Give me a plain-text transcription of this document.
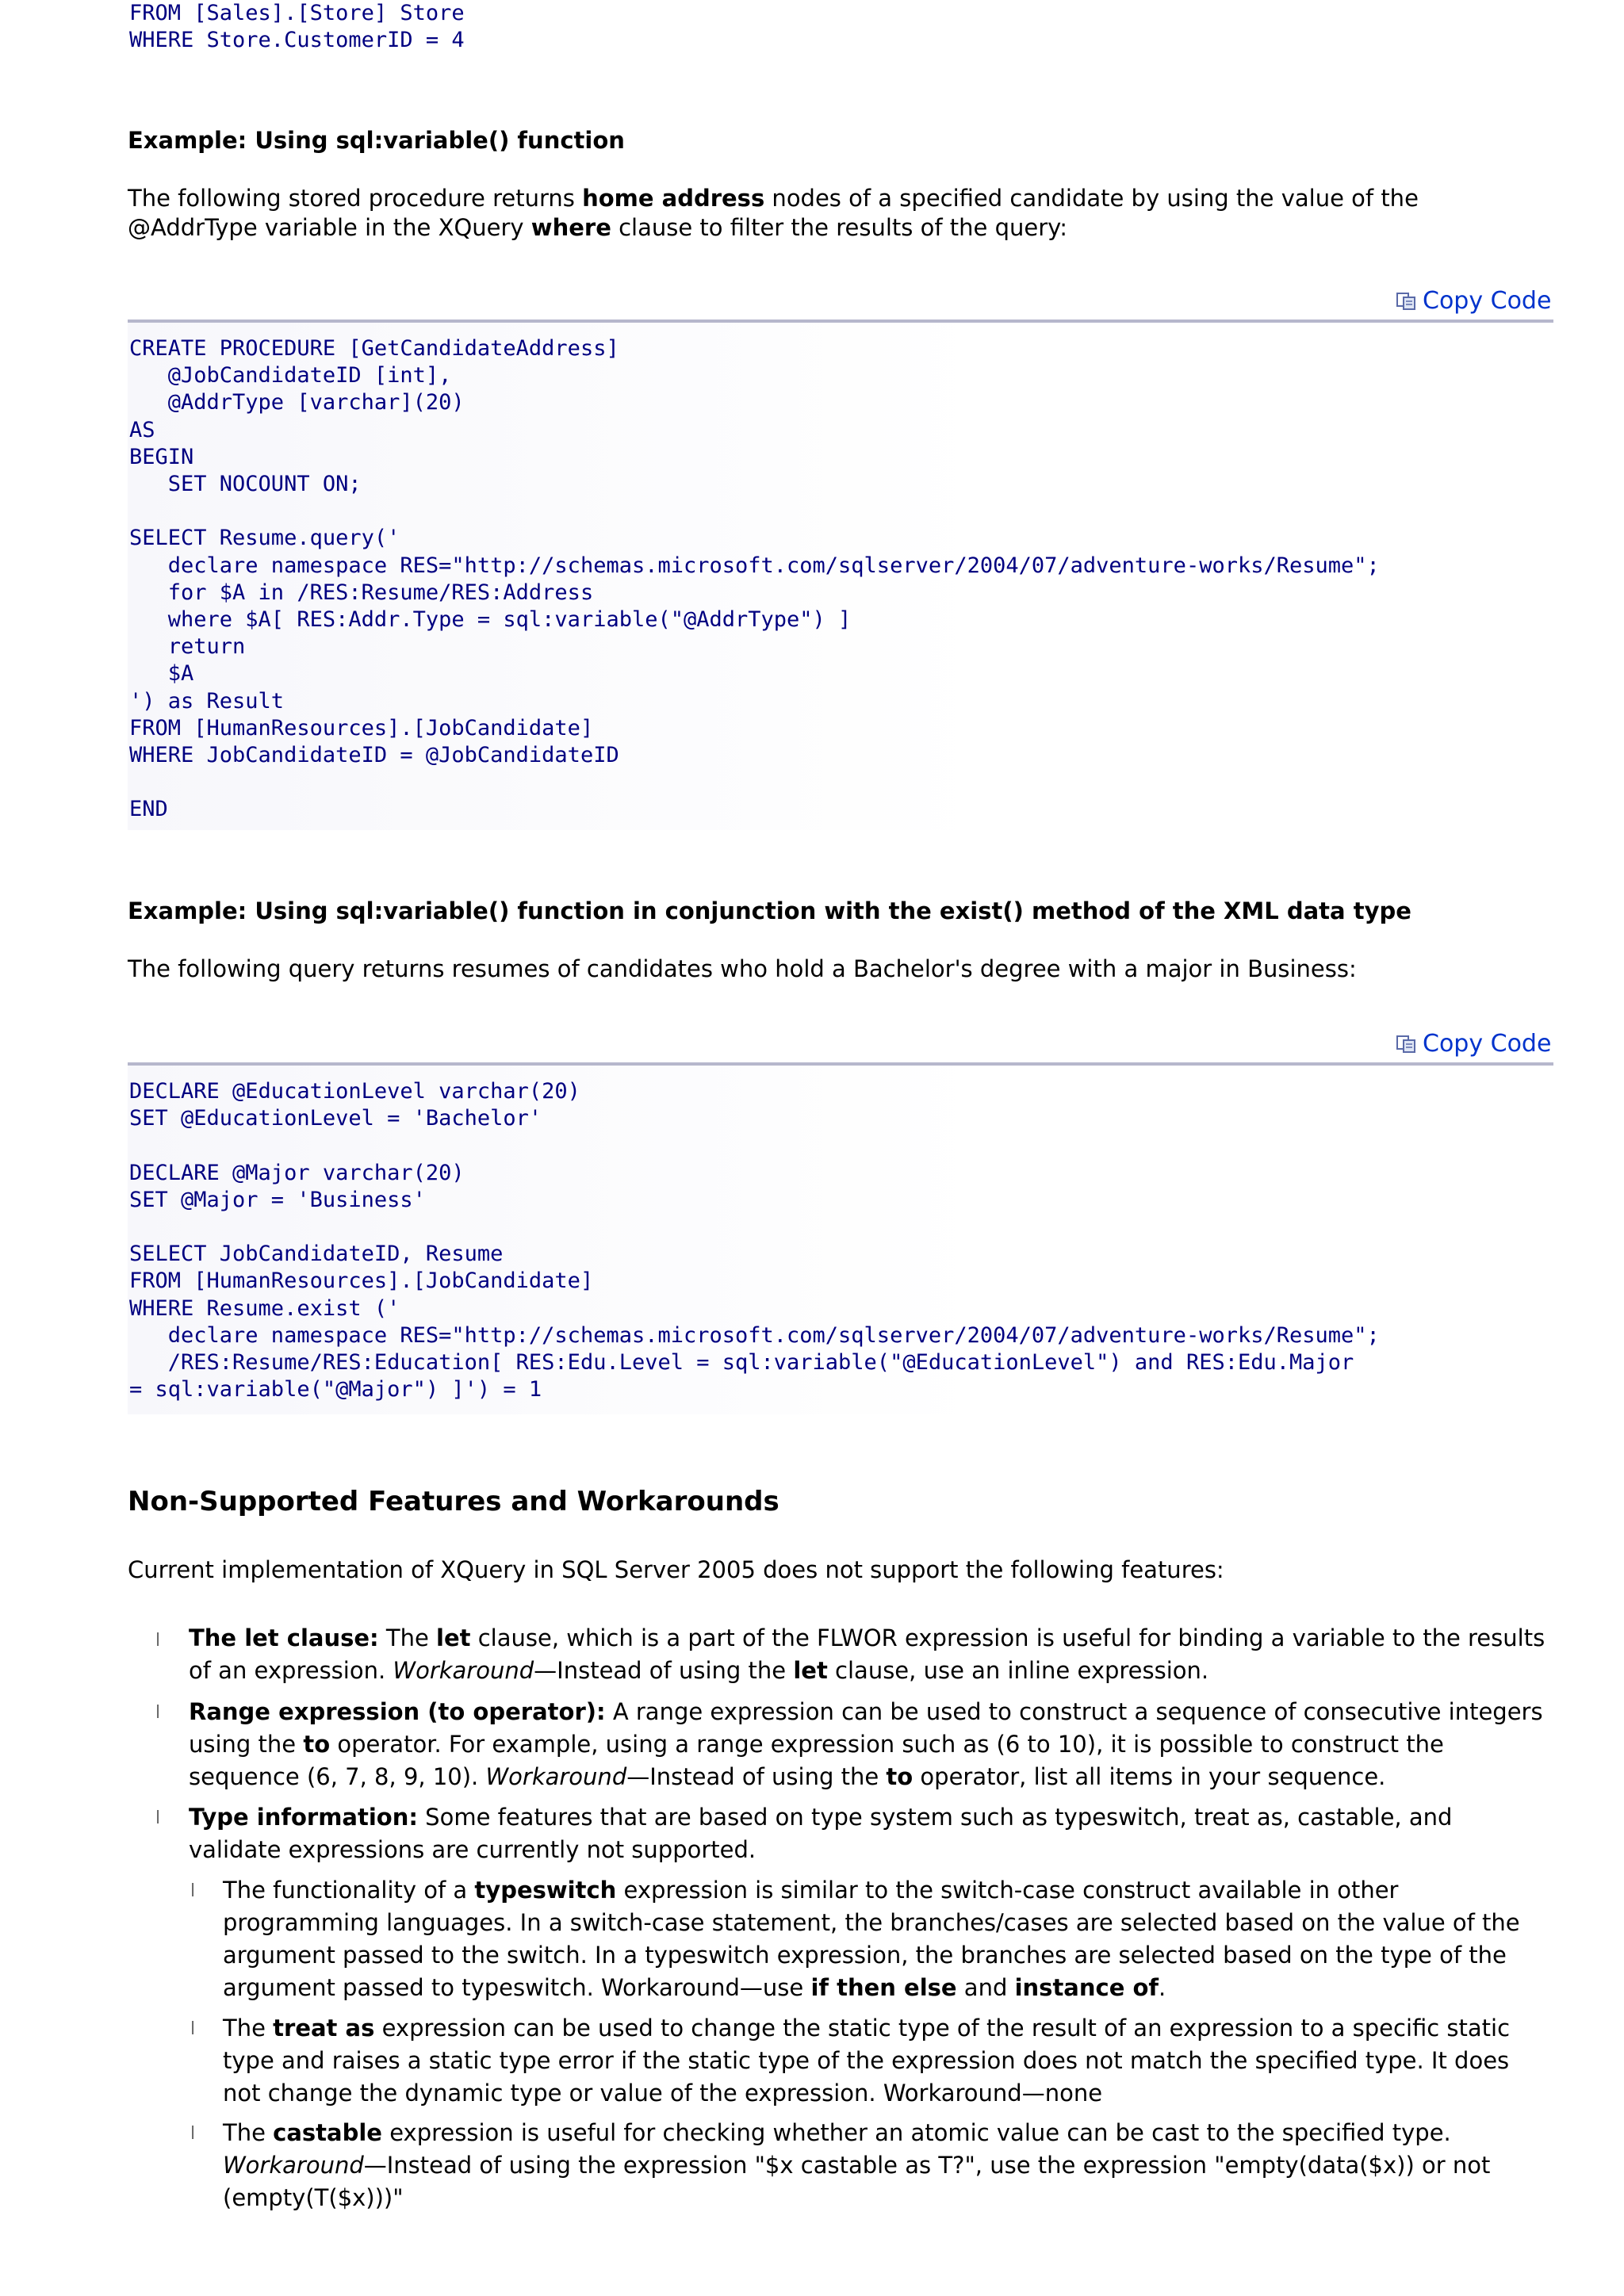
FROM [Sales].[Store] Store
WHERE Store.CustomerID = 4
Example: Using sql:variable() function

The following stored procedure returns home address nodes of a specified candidate by using the value of the

@AddrType variable in the XQuery where clause to filter the results of the query:

Copy Code
CREATE PROCEDURE [GetCandidateAddress]
@JobCandidateID [int],
@AddrType [varchar](20)
AS
BEGIN
SET NOCOUNT ON;

SELECT Resume.query('
declare namespace RES="http://schemas.microsoft.com/sqlserver/2004/07/adventure-works/Resume";
for $A in /RES:Resume/RES:Address
where $A[ RES:Addr.Type = sql:variable("@AddrType") ]
return
$A
') as Result
FROM [HumanResources].[JobCandidate]
WHERE JobCandidateID = @JobCandidateID

END
Example: Using sql:variable() function in conjunction with the exist() method of the XML data type

The following query returns resumes of candidates who hold a Bachelor's degree with a major in Business:

Copy Code
DECLARE @EducationLevel varchar(20)
SET @EducationLevel = 'Bachelor'

DECLARE @Major varchar(20)
SET @Major = 'Business'

SELECT JobCandidateID, Resume
FROM [HumanResources].[JobCandidate]
WHERE Resume.exist ('
declare namespace RES="http://schemas.microsoft.com/sqlserver/2004/07/adventure-works/Resume";
/RES:Resume/RES:Education[ RES:Edu.Level = sql:variable("@EducationLevel") and RES:Edu.Major
= sql:variable("@Major") ]') = 1
Non-Supported Features and Workarounds

Current implementation of XQuery in SQL Server 2005 does not support the following features:

l The let clause: The let clause, which is a part of the FLWOR expression is useful for binding a variable to the results

of an expression. Workaround—Instead of using the let clause, use an inline expression.

l Range expression (to operator): A range expression can be used to construct a sequence of consecutive integers

using the to operator. For example, using a range expression such as (6 to 10), it is possible to construct the

sequence (6, 7, 8, 9, 10). Workaround—Instead of using the to operator, list all items in your sequence.

l Type information: Some features that are based on type system such as typeswitch, treat as, castable, and

validate expressions are currently not supported.

l The functionality of a typeswitch expression is similar to the switch-case construct available in other

programming languages. In a switch-case statement, the branches/cases are selected based on the value of the

argument passed to the switch. In a typeswitch expression, the branches are selected based on the type of the

argument passed to typeswitch. Workaround—use if then else and instance of.

l The treat as expression can be used to change the static type of the result of an expression to a specific static

type and raises a static type error if the static type of the expression does not match the specified type. It does

not change the dynamic type or value of the expression. Workaround—none

l The castable expression is useful for checking whether an atomic value can be cast to the specified type.

Workaround—Instead of using the expression "$x castable as T?", use the expression "empty(data($x)) or not

(empty(T($x)))"
